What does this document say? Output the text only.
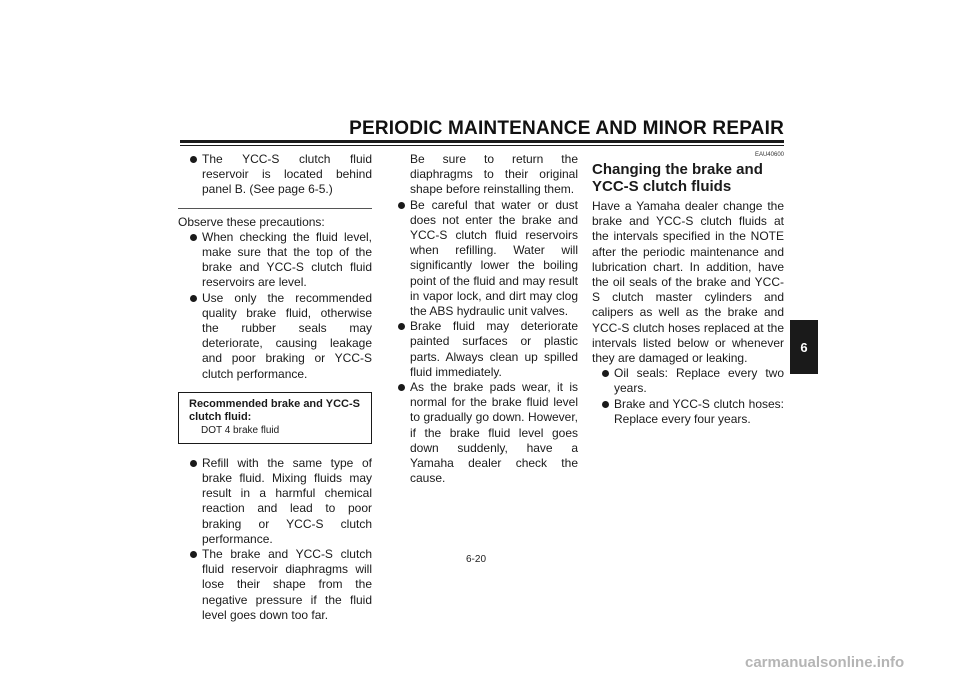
PERIODIC MAINTENANCE AND MINOR REPAIR
The YCC-S clutch fluid reservoir is located behind panel B. (See page 6-5.)
Observe these precautions:
When checking the fluid level, make sure that the top of the brake and YCC-S clutch fluid reservoirs are level.
Use only the recommended quality brake fluid, otherwise the rubber seals may deteriorate, causing leakage and poor braking or YCC-S clutch performance.
Recommended brake and YCC-S clutch fluid:
DOT 4 brake fluid
Refill with the same type of brake fluid. Mixing fluids may result in a harmful chemical reaction and lead to poor braking or YCC-S clutch performance.
The brake and YCC-S clutch fluid reservoir diaphragms will lose their shape from the negative pressure if the fluid level goes down too far.
Be sure to return the diaphragms to their original shape before reinstalling them.
Be careful that water or dust does not enter the brake and YCC-S clutch fluid reservoirs when refilling. Water will significantly lower the boiling point of the fluid and may result in vapor lock, and dirt may clog the ABS hydraulic unit valves.
Brake fluid may deteriorate painted surfaces or plastic parts. Always clean up spilled fluid immediately.
As the brake pads wear, it is normal for the brake fluid level to gradually go down. However, if the brake fluid level goes down suddenly, have a Yamaha dealer check the cause.
EAU40600
Changing the brake and YCC-S clutch fluids
Have a Yamaha dealer change the brake and YCC-S clutch fluids at the intervals specified in the NOTE after the periodic maintenance and lubrication chart. In addition, have the oil seals of the brake and YCC-S clutch master cylinders and calipers as well as the brake and YCC-S clutch hoses replaced at the intervals listed below or whenever they are damaged or leaking.
Oil seals: Replace every two years.
Brake and YCC-S clutch hoses: Replace every four years.
6
6-20
carmanualsonline.info
